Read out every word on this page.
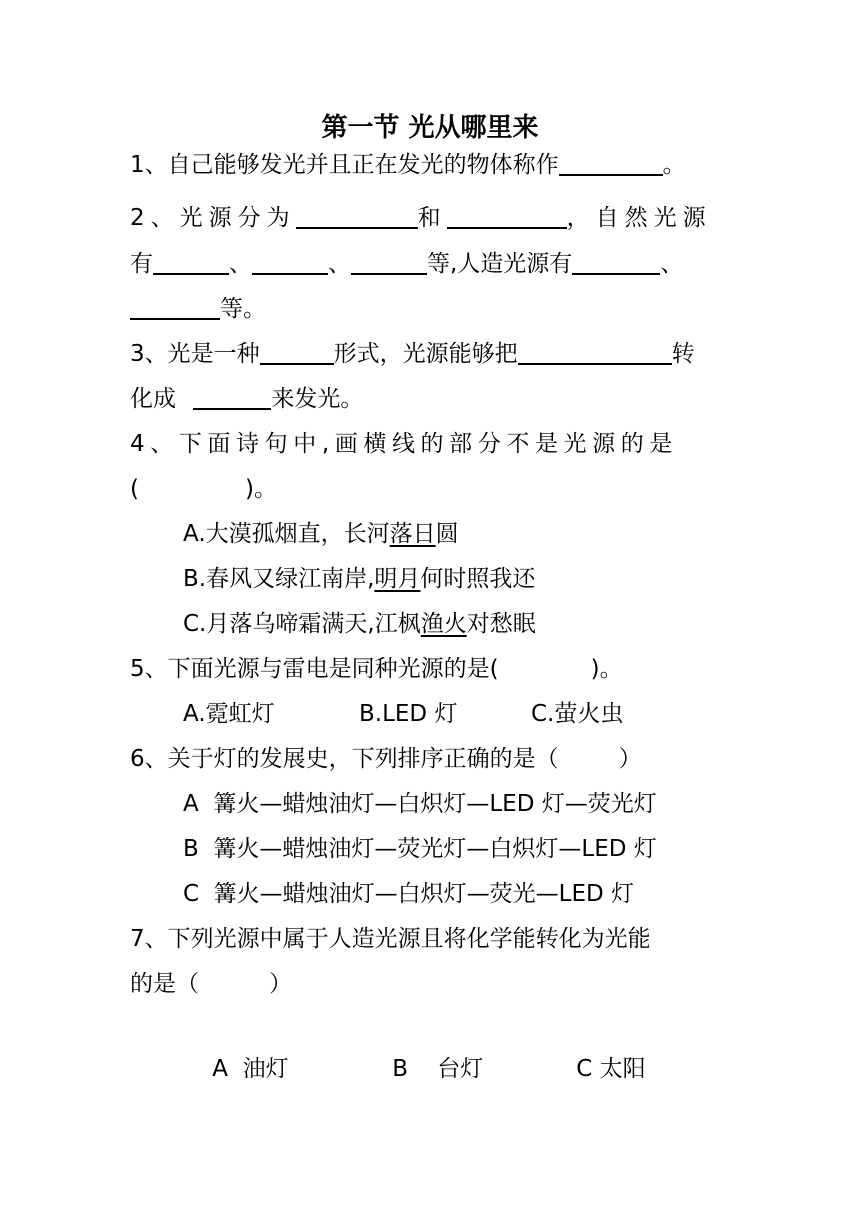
第一节 光从哪里来
1、自己能够发光并且正在发光的物体称作	。
2、光源分为	和	，自然光源
有	、	、	等,人造光源有	、
等。
3、光是一种	形式，光源能够把	转
化成	来发光。
4、下面诗句中,画横线的部分不是光源的是
(	)。
A.大漠孤烟直，长河落日圆
B.春风又绿江南岸,明月何时照我还
C.月落乌啼霜满天,江枫渔火对愁眠
5、下面光源与雷电是同种光源的是(	)。
A.霓虹灯	B.LED 灯	C.萤火虫
6、关于灯的发展史，下列排序正确的是（	）
A  篝火—蜡烛油灯—白炽灯—LED 灯—荧光灯
B  篝火—蜡烛油灯—荧光灯—白炽灯—LED 灯
C  篝火—蜡烛油灯—白炽灯—荧光—LED 灯
7、下列光源中属于人造光源且将化学能转化为光能
的是（	）

A  油灯	B    台灯	C 太阳
